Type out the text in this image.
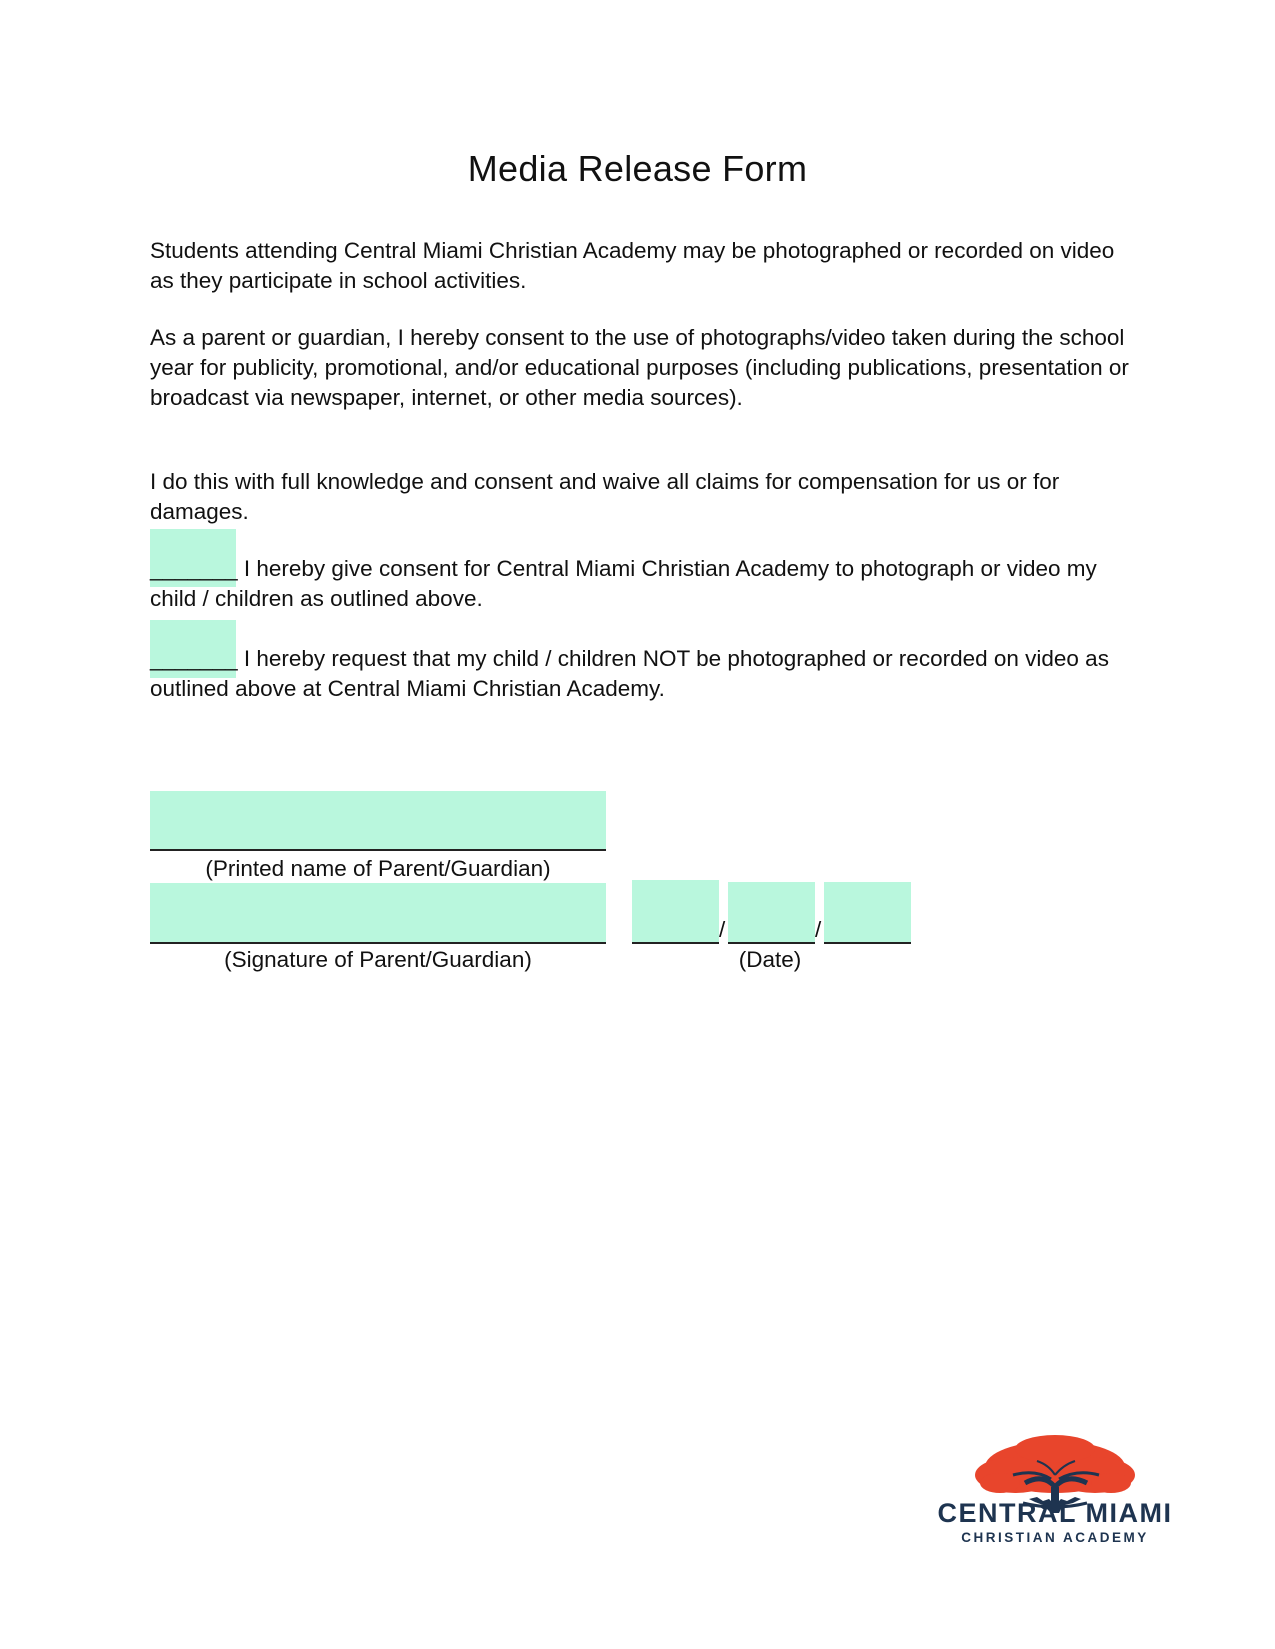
Media Release Form

Students attending Central Miami Christian Academy may be photographed or recorded on video as they participate in school activities.

As a parent or guardian, I hereby consent to the use of photographs/video taken during the school year for publicity, promotional, and/or educational purposes (including publications, presentation or broadcast via newspaper, internet, or other media sources).

I do this with full knowledge and consent and waive all claims for compensation for us or for damages.

_______ I hereby give consent for Central Miami Christian Academy to photograph or video my child / children as outlined above.

_______ I hereby request that my child / children NOT be photographed or recorded on video as outlined above at Central Miami Christian Academy.

(Printed name of Parent/Guardian)
(Signature of Parent/Guardian)
/	/
(Date)
CENTRAL MIAMI
CHRISTIAN ACADEMY
